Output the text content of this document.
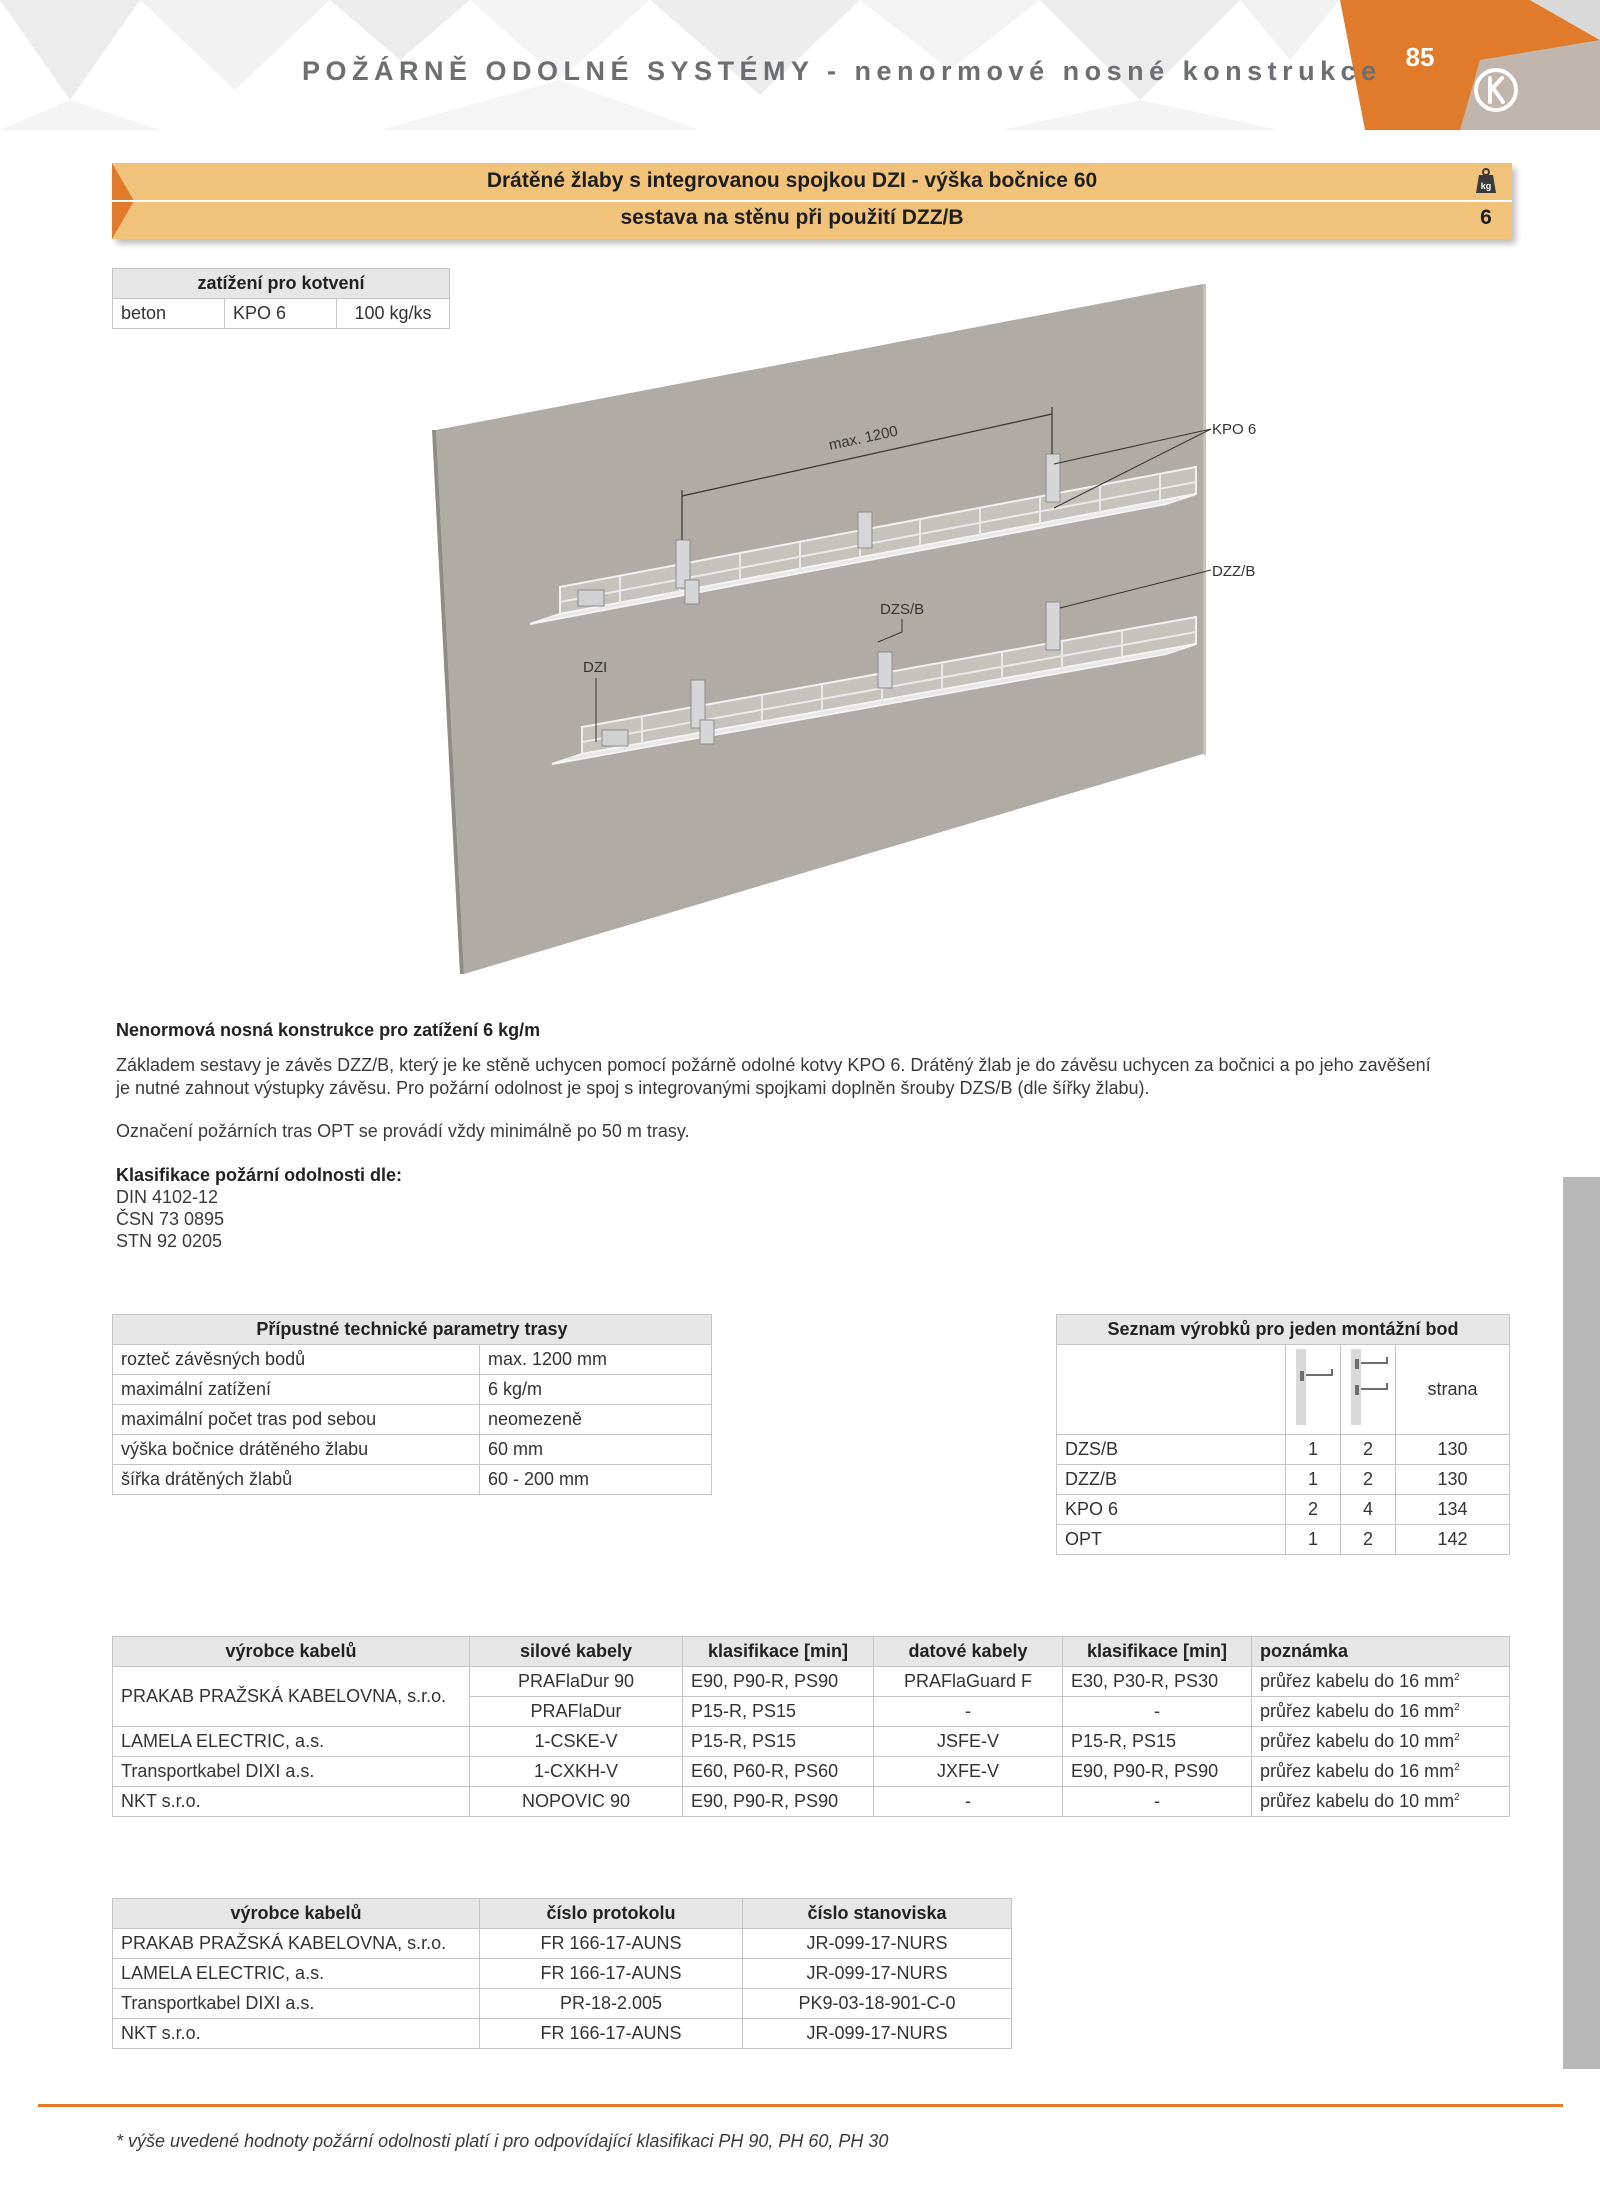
POŽÁRNĚ ODOLNÉ SYSTÉMY - nenormové nosné konstrukce 85
Drátěné žlaby s integrovanou spojkou DZI - výška bočnice 60
sestava na stěnu při použití DZZ/B
kg
6
zatížení pro kotvení
beton	KPO 6	100 kg/ks
max. 1200	KPO 6
DZZ/B
DZS/B
DZI
Nenormová nosná konstrukce pro zatížení 6 kg/m
Základem sestavy je závěs DZZ/B, který je ke stěně uchycen pomocí požárně odolné kotvy KPO 6. Drátěný žlab je do závěsu uchycen za bočnici a po jeho zavěšení
je nutné zahnout výstupky závěsu. Pro požární odolnost je spoj s integrovanými spojkami doplněn šrouby DZS/B (dle šířky žlabu).
Označení požárních tras OPT se provádí vždy minimálně po 50 m trasy.
Klasifikace požární odolnosti dle:
DIN 4102-12
ČSN 73 0895
STN 92 0205
Přípustné technické parametry trasy	
rozteč závěsných bodů	max. 1200 mm
maximální zatížení	6 kg/m
maximální počet tras pod sebou	neomezeně
výška bočnice drátěného žlabu	60 mm
šířka drátěných žlabů	60 - 200 mm
Seznam výrobků pro jeden montážní bod			
			strana
DZS/B	1	2	130
DZZ/B	1	2	130
KPO 6	2	4	134
OPT	1	2	142
výrobce kabelů	silové kabely	klasifikace [min]	datové kabely	klasifikace [min]	poznámka
PRAKAB PRAŽSKÁ KABELOVNA, s.r.o.	PRAFlaDur 90	E90, P90-R, PS90	PRAFlaGuard F	E30, P30-R, PS30	průřez kabelu do 16 $mm^2$
	PRAFlaDur	P15-R, PS15	-	-	průřez kabelu do 16 $mm^2$
LAMELA ELECTRIC, a.s.	1-CSKE-V	P15-R, PS15	JSFE-V	P15-R, PS15	průřez kabelu do 10 $mm^2$
Transportkabel DIXI a.s.	1-CXKH-V	E60, P60-R, PS60	JXFE-V	E90, P90-R, PS90	průřez kabelu do 16 $mm^2$
NKT s.r.o.	NOPOVIC 90	E90, P90-R, PS90	-	-	průřez kabelu do 10 $mm^2$
výrobce kabelů	číslo protokolu	číslo stanoviska
PRAKAB PRAŽSKÁ KABELOVNA, s.r.o.	FR 166-17-AUNS	JR-099-17-NURS
LAMELA ELECTRIC, a.s.	FR 166-17-AUNS	JR-099-17-NURS
Transportkabel DIXI a.s.	PR-18-2.005	PK9-03-18-901-C-0
NKT s.r.o.	FR 166-17-AUNS	JR-099-17-NURS
* výše uvedené hodnoty požární odolnosti platí i pro odpovídající klasifikaci PH 90, PH 60, PH 30
